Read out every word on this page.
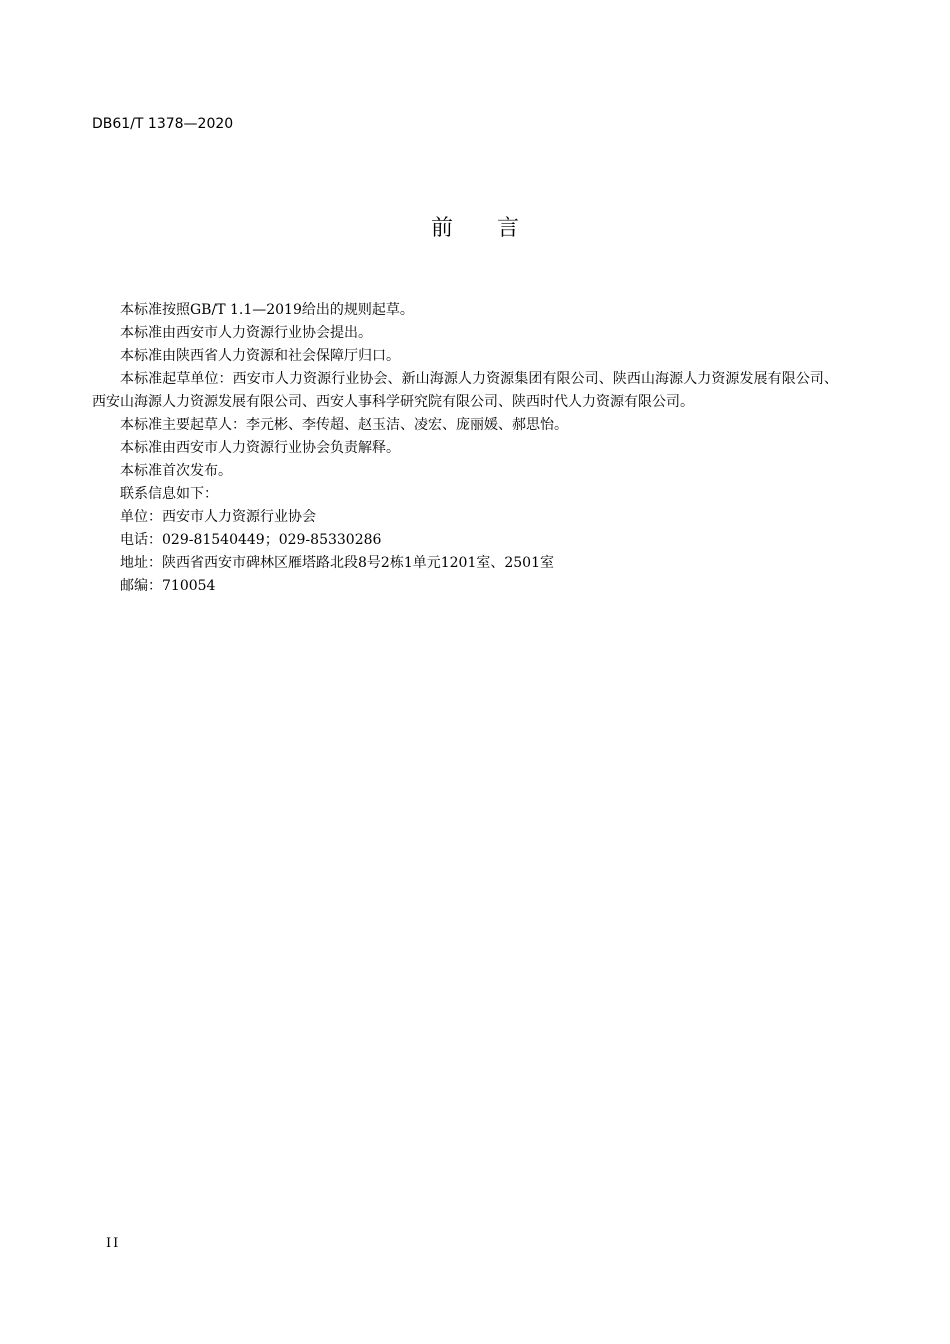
DB61/T 1378—2020
前 言

本标准按照GB/T 1.1—2019给出的规则起草。

本标准由西安市人力资源行业协会提出。

本标准由陕西省人力资源和社会保障厅归口。

本标准起草单位：西安市人力资源行业协会、新山海源人力资源集团有限公司、陕西山海源人力资源发展有限公司、西安山海源人力资源发展有限公司、西安人事科学研究院有限公司、陕西时代人力资源有限公司。

本标准主要起草人：李元彬、李传超、赵玉洁、凌宏、庞丽媛、郝思怡。

本标准由西安市人力资源行业协会负责解释。

本标准首次发布。

联系信息如下：

单位：西安市人力资源行业协会

电话：029-81540449；029-85330286

地址：陕西省西安市碑林区雁塔路北段8号2栋1单元1201室、2501室

邮编：710054

II
